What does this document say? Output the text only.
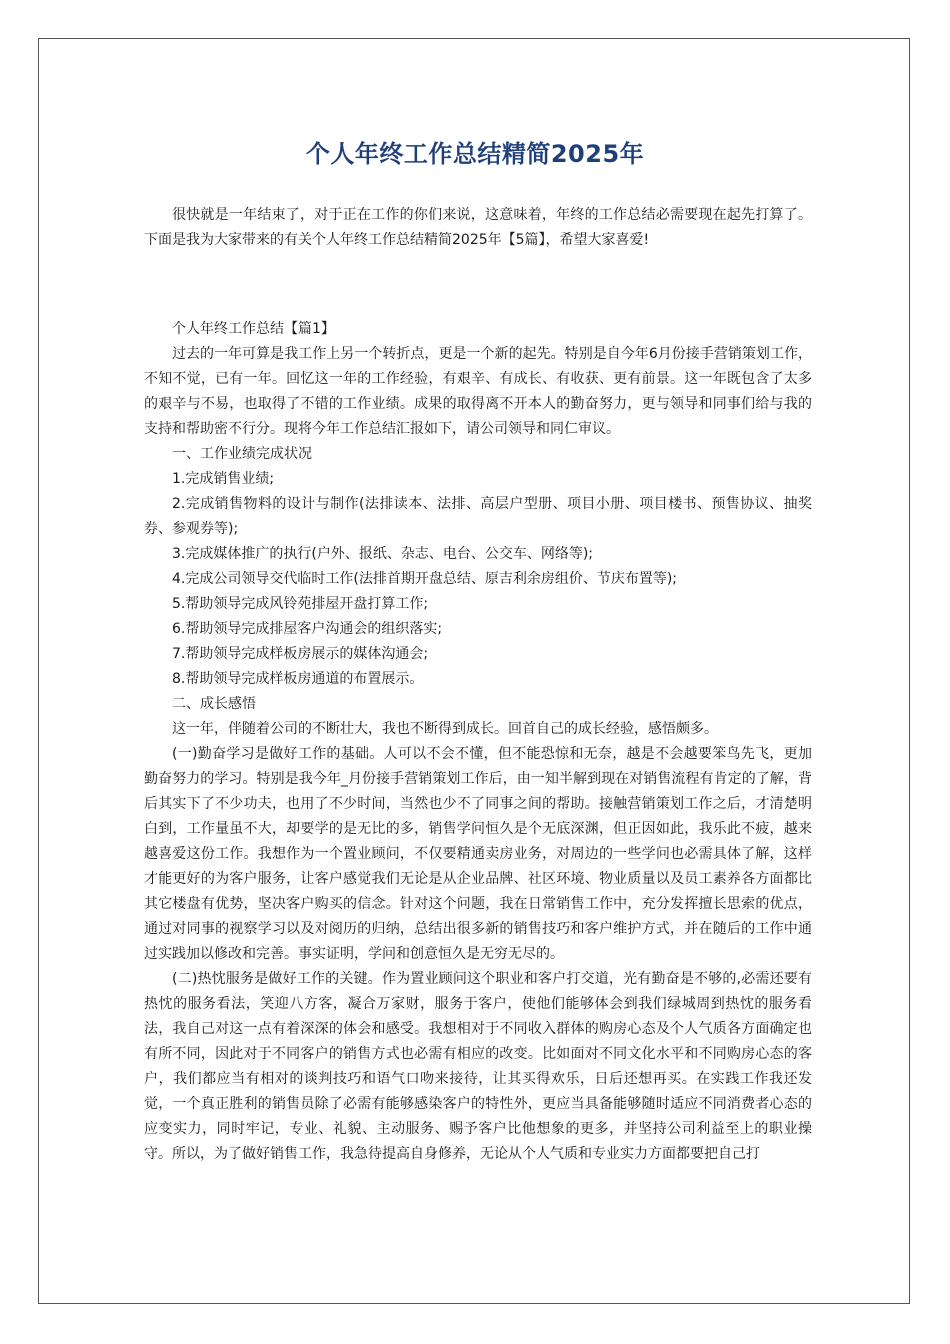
个人年终工作总结精简2025年

很快就是一年结束了，对于正在工作的你们来说，这意味着，年终的工作总结必需要现在起先打算了。下面是我为大家带来的有关个人年终工作总结精简2025年【5篇】，希望大家喜爱!

个人年终工作总结【篇1】

过去的一年可算是我工作上另一个转折点，更是一个新的起先。特别是自今年6月份接手营销策划工作，不知不觉，已有一年。回忆这一年的工作经验，有艰辛、有成长、有收获、更有前景。这一年既包含了太多的艰辛与不易，也取得了不错的工作业绩。成果的取得离不开本人的勤奋努力，更与领导和同事们给与我的支持和帮助密不行分。现将今年工作总结汇报如下，请公司领导和同仁审议。

一、工作业绩完成状况

1.完成销售业绩;

2.完成销售物料的设计与制作(法排读本、法排、高层户型册、项目小册、项目楼书、预售协议、抽奖券、参观券等);

3.完成媒体推广的执行(户外、报纸、杂志、电台、公交车、网络等);

4.完成公司领导交代临时工作(法排首期开盘总结、原吉利余房组价、节庆布置等);

5.帮助领导完成风铃苑排屋开盘打算工作;

6.帮助领导完成排屋客户沟通会的组织落实;

7.帮助领导完成样板房展示的媒体沟通会;

8.帮助领导完成样板房通道的布置展示。

二、成长感悟

这一年，伴随着公司的不断壮大，我也不断得到成长。回首自己的成长经验，感悟颇多。

(一)勤奋学习是做好工作的基础。人可以不会不懂，但不能恐惊和无奈，越是不会越要笨鸟先飞，更加勤奋努力的学习。特别是我今年_月份接手营销策划工作后，由一知半解到现在对销售流程有肯定的了解，背后其实下了不少功夫，也用了不少时间，当然也少不了同事之间的帮助。接触营销策划工作之后，才清楚明白到，工作量虽不大，却要学的是无比的多，销售学问恒久是个无底深渊，但正因如此，我乐此不疲，越来越喜爱这份工作。我想作为一个置业顾问，不仅要精通卖房业务，对周边的一些学问也必需具体了解，这样才能更好的为客户服务，让客户感觉我们无论是从企业品牌、社区环境、物业质量以及员工素养各方面都比其它楼盘有优势，坚决客户购买的信念。针对这个问题，我在日常销售工作中，充分发挥擅长思索的优点，通过对同事的视察学习以及对阅历的归纳，总结出很多新的销售技巧和客户维护方式，并在随后的工作中通过实践加以修改和完善。事实证明，学问和创意恒久是无穷无尽的。

(二)热忱服务是做好工作的关键。作为置业顾问这个职业和客户打交道，光有勤奋是不够的,必需还要有热忱的服务看法，笑迎八方客，凝合万家财，服务于客户，使他们能够体会到我们绿城周到热忱的服务看法，我自己对这一点有着深深的体会和感受。我想相对于不同收入群体的购房心态及个人气质各方面确定也有所不同，因此对于不同客户的销售方式也必需有相应的改变。比如面对不同文化水平和不同购房心态的客户，我们都应当有相对的谈判技巧和语气口吻来接待，让其买得欢乐，日后还想再买。在实践工作我还发觉，一个真正胜利的销售员除了必需有能够感染客户的特性外，更应当具备能够随时适应不同消费者心态的应变实力，同时牢记，专业、礼貌、主动服务、赐予客户比他想象的更多，并坚持公司利益至上的职业操守。所以，为了做好销售工作，我急待提高自身修养，无论从个人气质和专业实力方面都要把自己打
